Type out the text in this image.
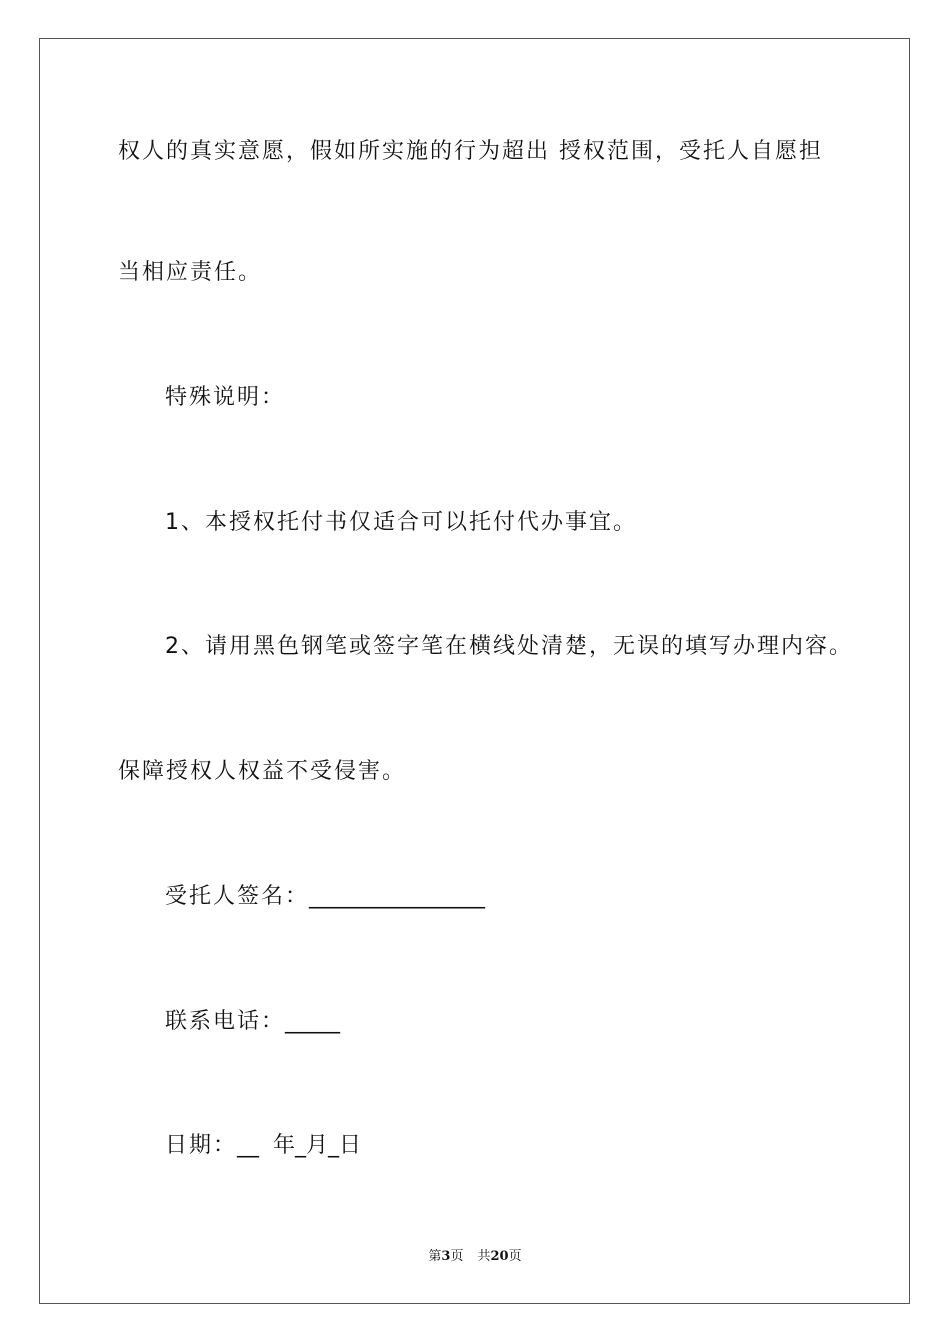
权人的真实意愿，假如所实施的行为超出 授权范围，受托人自愿担
当相应责任。
特殊说明：
1、本授权托付书仅适合可以托付代办事宜。
2、请用黑色钢笔或签字笔在横线处清楚，无误的填写办理内容。
保障授权人权益不受侵害。
受托人签名：________________
联系电话：_____
日期：__  年_月_日
第3页 共20页
